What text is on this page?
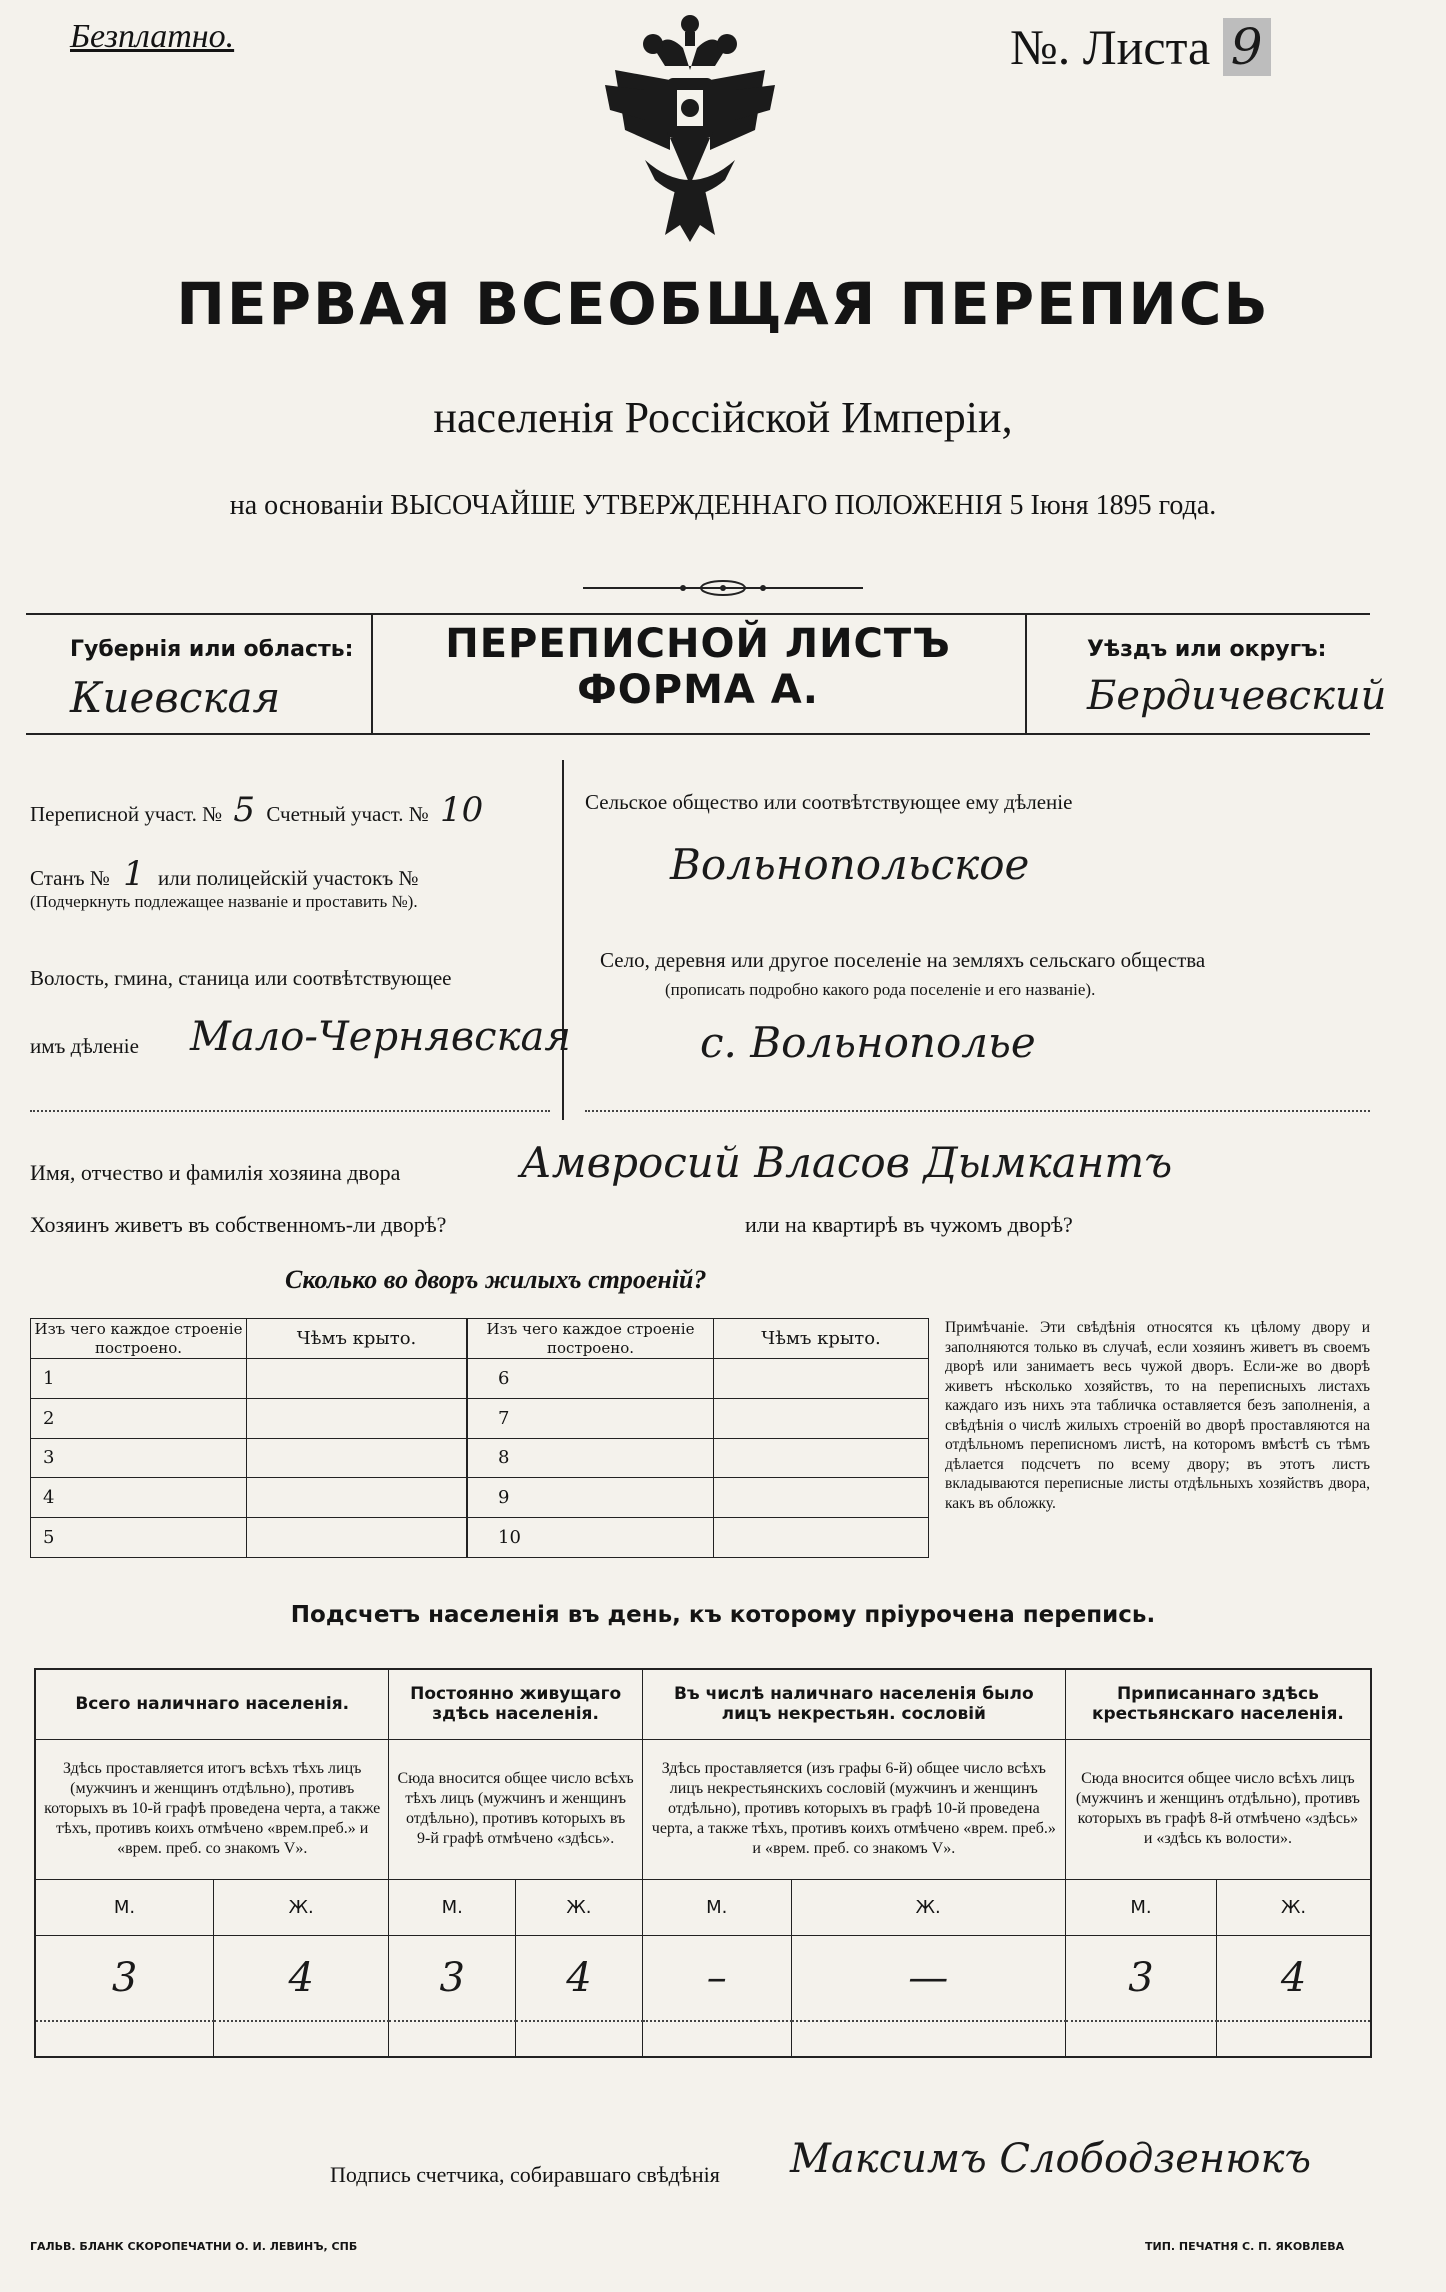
Безплатно.	№. Листа 9
ПЕРВАЯ ВСЕОБЩАЯ ПЕРЕПИСЬ
населенія Россійской Имперіи,
на основаніи ВЫСОЧАЙШЕ УТВЕРЖДЕННАГО ПОЛОЖЕНІЯ 5 Іюня 1895 года.
Губернія или область:
Киевская
ПЕРЕПИСНОЙ ЛИСТЪ
ФОРМА А.
Уѣздъ или округъ:
Бердичевский
Переписной участ. № 5 Счетный участ. № 10
Станъ № 1 или полицейскій участокъ №
(Подчеркнуть подлежащее названіе и проставить №).
Волость, гмина, станица или соотвѣтствующее
имъ дѣленіе Мало-Чернявская
Сельское общество или соотвѣтствующее ему дѣленіе
Вольнопольское
Село, деревня или другое поселеніе на земляхъ сельскаго общества
(прописать подробно какого рода поселеніе и его названіе).
с. Вольнополье
Имя, отчество и фамилія хозяина двора	Амвросий Власов Дымкантъ
Хозяинъ живетъ въ собственномъ-ли дворѣ?	или на квартирѣ въ чужомъ дворѣ?
Сколько во дворъ жилыхъ строеній?
Изъ чего каждое строеніе построено.	Чѣмъ крыто.
1	
2	
3	
4	
5	
Изъ чего каждое строеніе построено.	Чѣмъ крыто.
6	
7	
8	
9	
10	
Примѣчаніе. Эти свѣдѣнія относятся къ цѣлому двору и заполняются только въ случаѣ, если хозяинъ живетъ въ своемъ дворѣ или занимаетъ весь чужой дворъ. Если-же во дворѣ живетъ нѣсколько хозяйствъ, то на переписныхъ листахъ каждаго изъ нихъ эта табличка оставляется безъ заполненія, а свѣдѣнія о числѣ жилыхъ строеній во дворѣ проставляются на отдѣльномъ переписномъ листѣ, на которомъ вмѣстѣ съ тѣмъ дѣлается подсчетъ по всему двору; въ этотъ листъ вкладываются переписные листы отдѣльныхъ хозяйствъ двора, какъ въ обложку.
Подсчетъ населенія въ день, къ которому пріурочена перепись.
Всего наличнаго населенія.		Постоянно живущаго здѣсь населенія.		Въ числѣ наличнаго населенія было лицъ некрестьян. сословій		Приписаннаго здѣсь крестьянскаго населенія.	
Здѣсь проставляется итогъ всѣхъ тѣхъ лицъ (мужчинъ и женщинъ отдѣльно), противъ которыхъ въ 10-й графѣ проведена черта, а также тѣхъ, противъ коихъ отмѣчено «врем.преб.» и «врем. преб. со знакомъ V».		Сюда вносится общее число всѣхъ тѣхъ лицъ (мужчинъ и женщинъ отдѣльно), противъ которыхъ въ 9-й графѣ отмѣчено «здѣсь».		Здѣсь проставляется (изъ графы 6-й) общее число всѣхъ лицъ некрестьянскихъ сословій (мужчинъ и женщинъ отдѣльно), противъ которыхъ въ графѣ 10-й проведена черта, а также тѣхъ, противъ коихъ отмѣчено «врем. преб.» и «врем. преб. со знакомъ V».		Сюда вносится общее число всѣхъ лицъ (мужчинъ и женщинъ отдѣльно), противъ которыхъ въ графѣ 8-й отмѣчено «здѣсь» и «здѣсь къ волости».	
М.	Ж.	М.	Ж.	М.	Ж.	М.	Ж.
3	4	3	4	–	—	3	4

Подпись счетчика, собиравшаго свѣдѣнія Максимъ Слободзенюкъ
ГАЛЬВ. БЛАНК СКОРОПЕЧАТНИ О. И. ЛЕВИНЪ, СПБ	ТИП. ПЕЧАТНЯ С. П. ЯКОВЛЕВА
